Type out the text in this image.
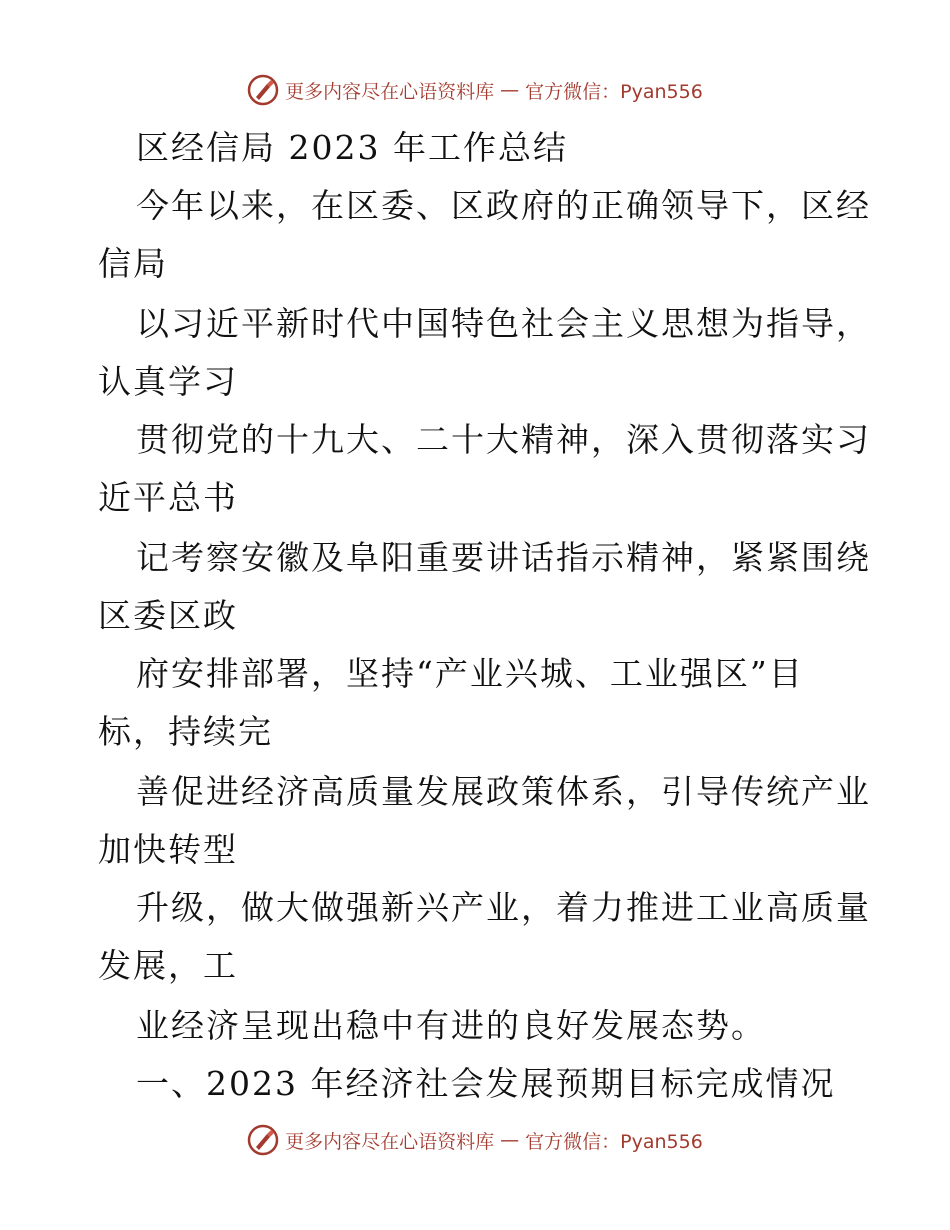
更多内容尽在心语资料库 — 官方微信：Pyan556
区经信局 2023 年工作总结
今年以来，在区委、区政府的正确领导下，区经
信局
以习近平新时代中国特色社会主义思想为指导，
认真学习
贯彻党的十九大、二十大精神，深入贯彻落实习
近平总书
记考察安徽及阜阳重要讲话指示精神，紧紧围绕
区委区政
府安排部署，坚持“产业兴城、工业强区”目
标，持续完
善促进经济高质量发展政策体系，引导传统产业
加快转型
升级，做大做强新兴产业，着力推进工业高质量
发展，工
业经济呈现出稳中有进的良好发展态势。
一、2023 年经济社会发展预期目标完成情况
更多内容尽在心语资料库 — 官方微信：Pyan556
